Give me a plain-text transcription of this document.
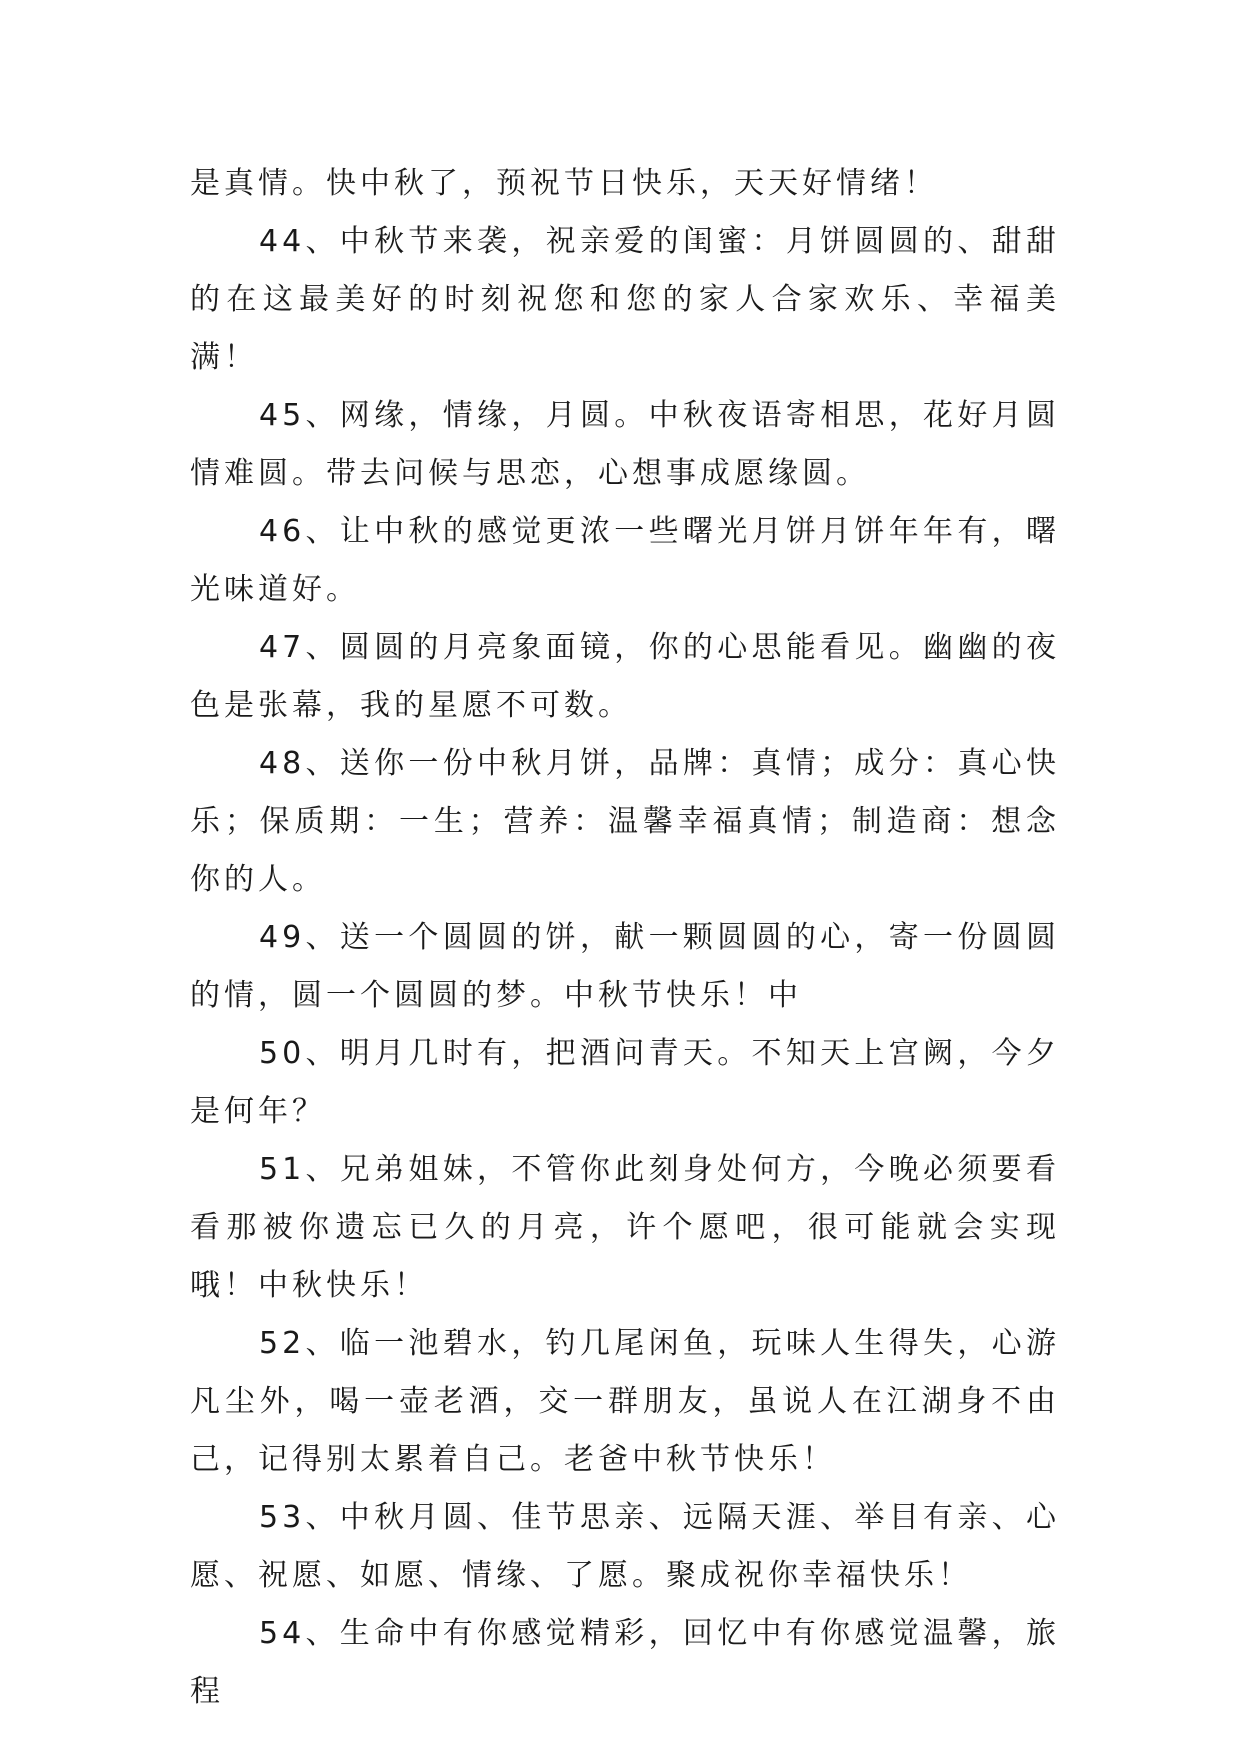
是真情。快中秋了，预祝节日快乐，天天好情绪！

44、中秋节来袭，祝亲爱的闺蜜：月饼圆圆的、甜甜的在这最美好的时刻祝您和您的家人合家欢乐、幸福美满！

45、网缘，情缘，月圆。中秋夜语寄相思，花好月圆情难圆。带去问候与思恋，心想事成愿缘圆。

46、让中秋的感觉更浓一些曙光月饼月饼年年有，曙光味道好。

47、圆圆的月亮象面镜，你的心思能看见。幽幽的夜色是张幕，我的星愿不可数。

48、送你一份中秋月饼，品牌：真情；成分：真心快乐；保质期：一生；营养：温馨幸福真情；制造商：想念你的人。

49、送一个圆圆的饼，献一颗圆圆的心，寄一份圆圆的情，圆一个圆圆的梦。中秋节快乐！中

50、明月几时有，把酒问青天。不知天上宫阙，今夕是何年？

51、兄弟姐妹，不管你此刻身处何方，今晚必须要看看那被你遗忘已久的月亮，许个愿吧，很可能就会实现哦！中秋快乐！

52、临一池碧水，钓几尾闲鱼，玩味人生得失，心游凡尘外，喝一壶老酒，交一群朋友，虽说人在江湖身不由己，记得别太累着自己。老爸中秋节快乐！

53、中秋月圆、佳节思亲、远隔天涯、举目有亲、心愿、祝愿、如愿、情缘、了愿。聚成祝你幸福快乐！

54、生命中有你感觉精彩，回忆中有你感觉温馨，旅程
